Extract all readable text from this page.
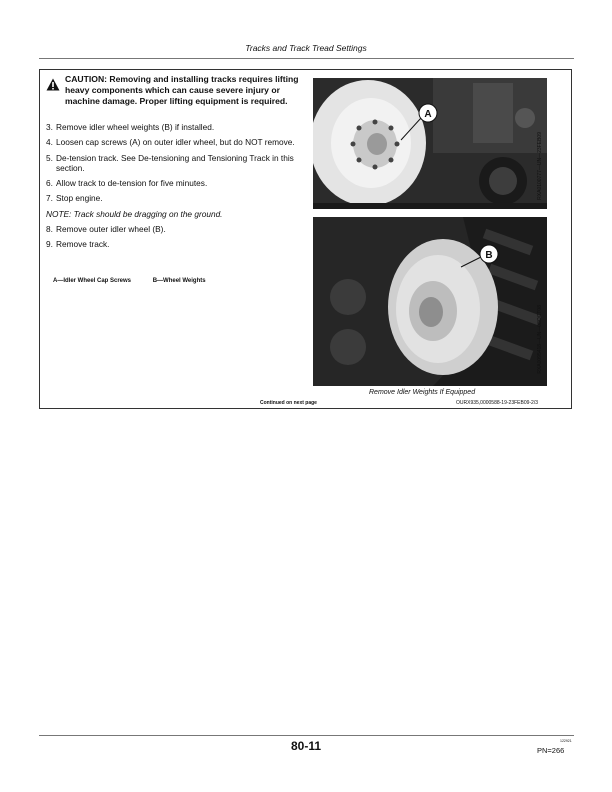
Tracks and Track Tread Settings
CAUTION: Removing and installing tracks requires lifting heavy components which can cause severe injury or machine damage. Proper lifting equipment is required.
3. Remove idler wheel weights (B) if installed.
4. Loosen cap screws (A) on outer idler wheel, but do NOT remove.
5. De-tension track. See De-tensioning and Tensioning Track in this section.
6. Allow track to de-tension for five minutes.
7. Stop engine.
NOTE: Track should be dragging on the ground.
8. Remove outer idler wheel (B).
9. Remove track.
A—Idler Wheel Cap Screws	B—Wheel Weights
A
RXA0100777—UN—23FEB09
B
RXA0095418—UN—08OCT08
Remove Idler Weights If Equipped
Continued on next page	OURX935,0000588-19-23FEB09-2/3
80-11	122921
PN=266
